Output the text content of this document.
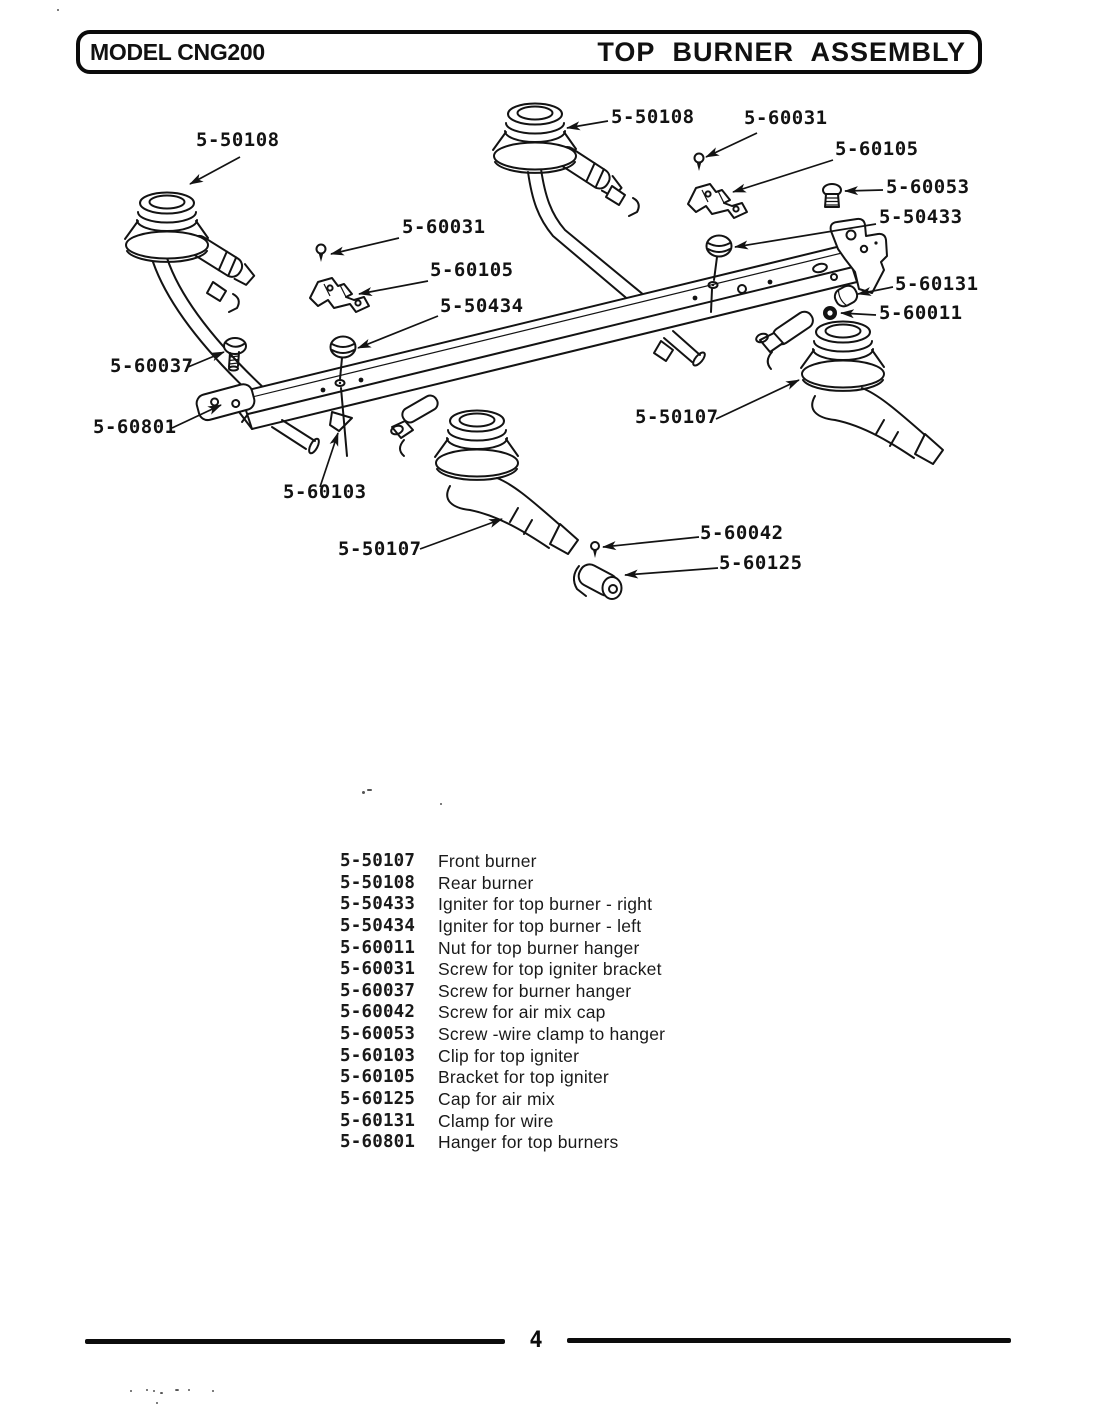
MODEL CNG200	TOP BURNER ASSEMBLY
5-50108
5-50108	5-60031
5-60105
5-60053
5-50433
5-60031
5-60105
5-50434
5-60131
5-60011
5-60037
5-60801	5-50107
5-60103
5-50107
5-60042
5-60125
5-50107	Front burner
5-50108	Rear burner
5-50433	Igniter for top burner - right
5-50434	Igniter for top burner - left
5-60011	Nut for top burner hanger
5-60031	Screw for top igniter bracket
5-60037	Screw for burner hanger
5-60042	Screw for air mix cap
5-60053	Screw -wire clamp to hanger
5-60103	Clip for top igniter
5-60105	Bracket for top igniter
5-60125	Cap for air mix
5-60131	Clamp for wire
5-60801	Hanger for top burners
4
